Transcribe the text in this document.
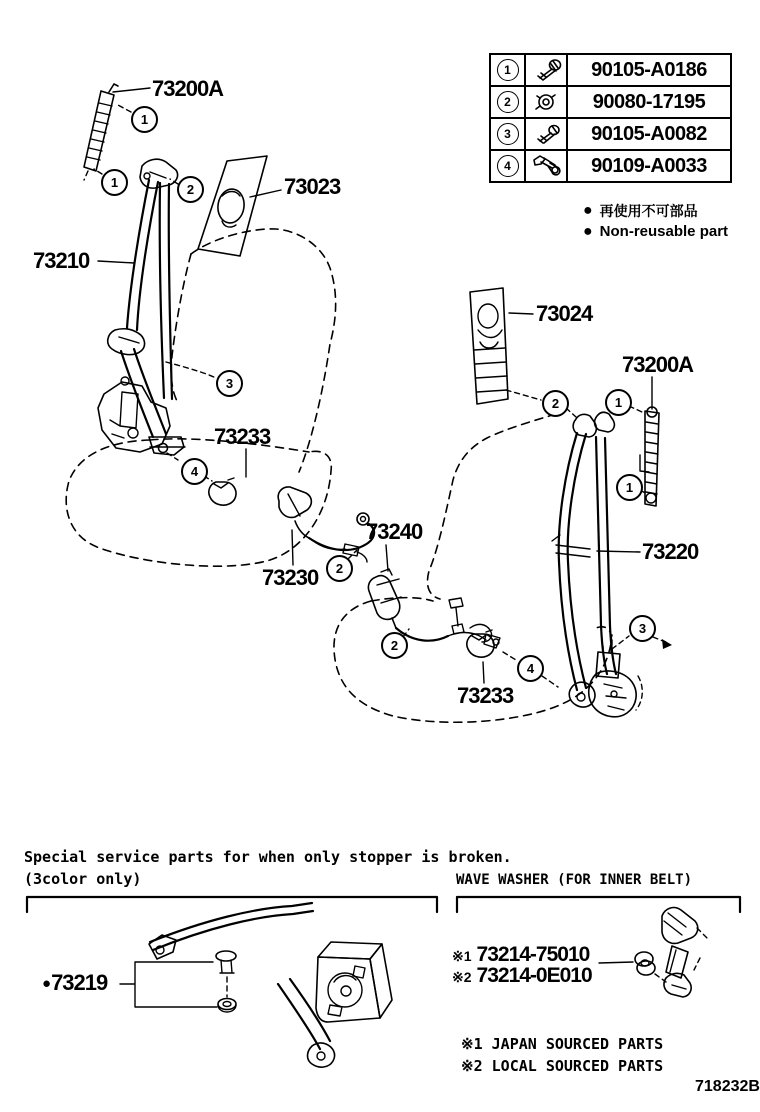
1	90105-A0186
2	90080-17195
3	90105-A0082
4	90109-A0033
● 再使用不可部品
● Non-reusable part
73200A
73023
73210
73024
73200A
73233
73240
73220
73230
73233
●73219
1
1	2
3
4
2	1
1
2
2
4
3
Special service parts for when only stopper is broken.
(3color only)	WAVE WASHER (FOR INNER BELT)
※1 73214-75010
※2 73214-0E010
※1 JAPAN SOURCED PARTS
※2 LOCAL SOURCED PARTS
718232B
